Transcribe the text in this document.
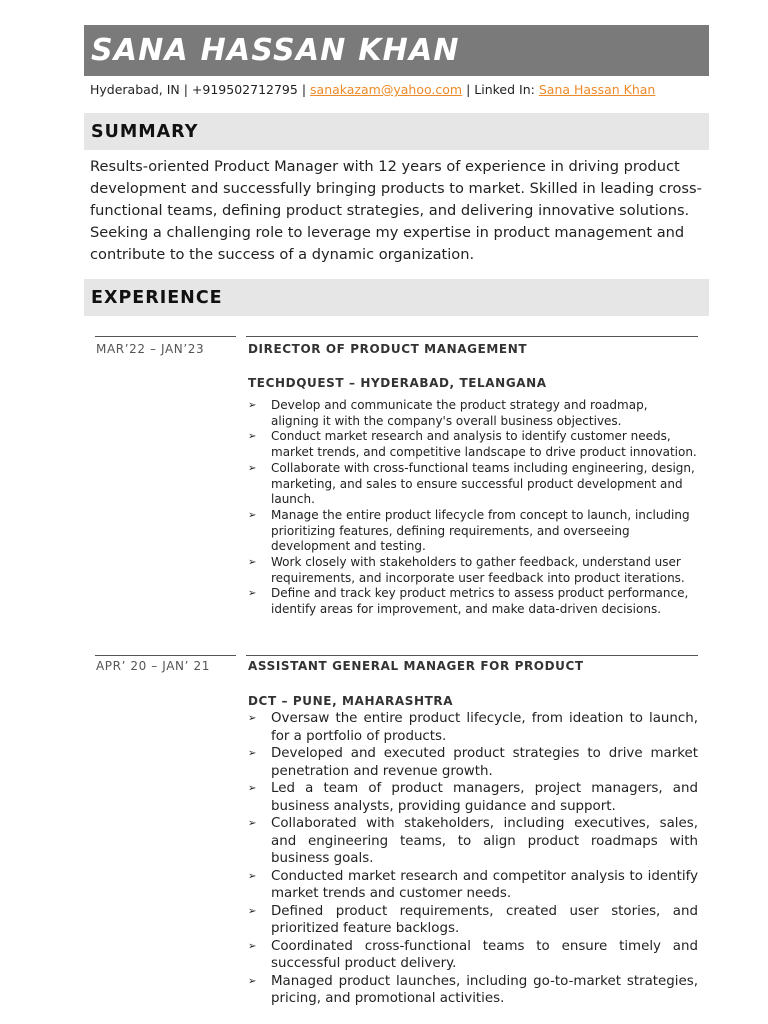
SANA HASSAN KHAN
Hyderabad, IN | +919502712795 | sanakazam@yahoo.com | Linked In: Sana Hassan Khan
SUMMARY
Results-oriented Product Manager with 12 years of experience in driving product development and successfully bringing products to market. Skilled in leading cross-functional teams, defining product strategies, and delivering innovative solutions. Seeking a challenging role to leverage my expertise in product management and contribute to the success of a dynamic organization.
EXPERIENCE
MAR’22 – JAN’23	DIRECTOR OF PRODUCT MANAGEMENT
TECHDQUEST – HYDERABAD, TELANGANA
➢ Develop and communicate the product strategy and roadmap, aligning it with the company's overall business objectives.
➢ Conduct market research and analysis to identify customer needs, market trends, and competitive landscape to drive product innovation.
➢ Collaborate with cross-functional teams including engineering, design, marketing, and sales to ensure successful product development and launch.
➢ Manage the entire product lifecycle from concept to launch, including prioritizing features, defining requirements, and overseeing development and testing.
➢ Work closely with stakeholders to gather feedback, understand user requirements, and incorporate user feedback into product iterations.
➢ Define and track key product metrics to assess product performance, identify areas for improvement, and make data-driven decisions.
APR’ 20 – JAN’ 21	ASSISTANT GENERAL MANAGER FOR PRODUCT
DCT – PUNE, MAHARASHTRA
➢ Oversaw the entire product lifecycle, from ideation to launch, for a portfolio of products.
➢ Developed and executed product strategies to drive market penetration and revenue growth.
➢ Led a team of product managers, project managers, and business analysts, providing guidance and support.
➢ Collaborated with stakeholders, including executives, sales, and engineering teams, to align product roadmaps with business goals.
➢ Conducted market research and competitor analysis to identify market trends and customer needs.
➢ Defined product requirements, created user stories, and prioritized feature backlogs.
➢ Coordinated cross-functional teams to ensure timely and successful product delivery.
➢ Managed product launches, including go-to-market strategies, pricing, and promotional activities.
